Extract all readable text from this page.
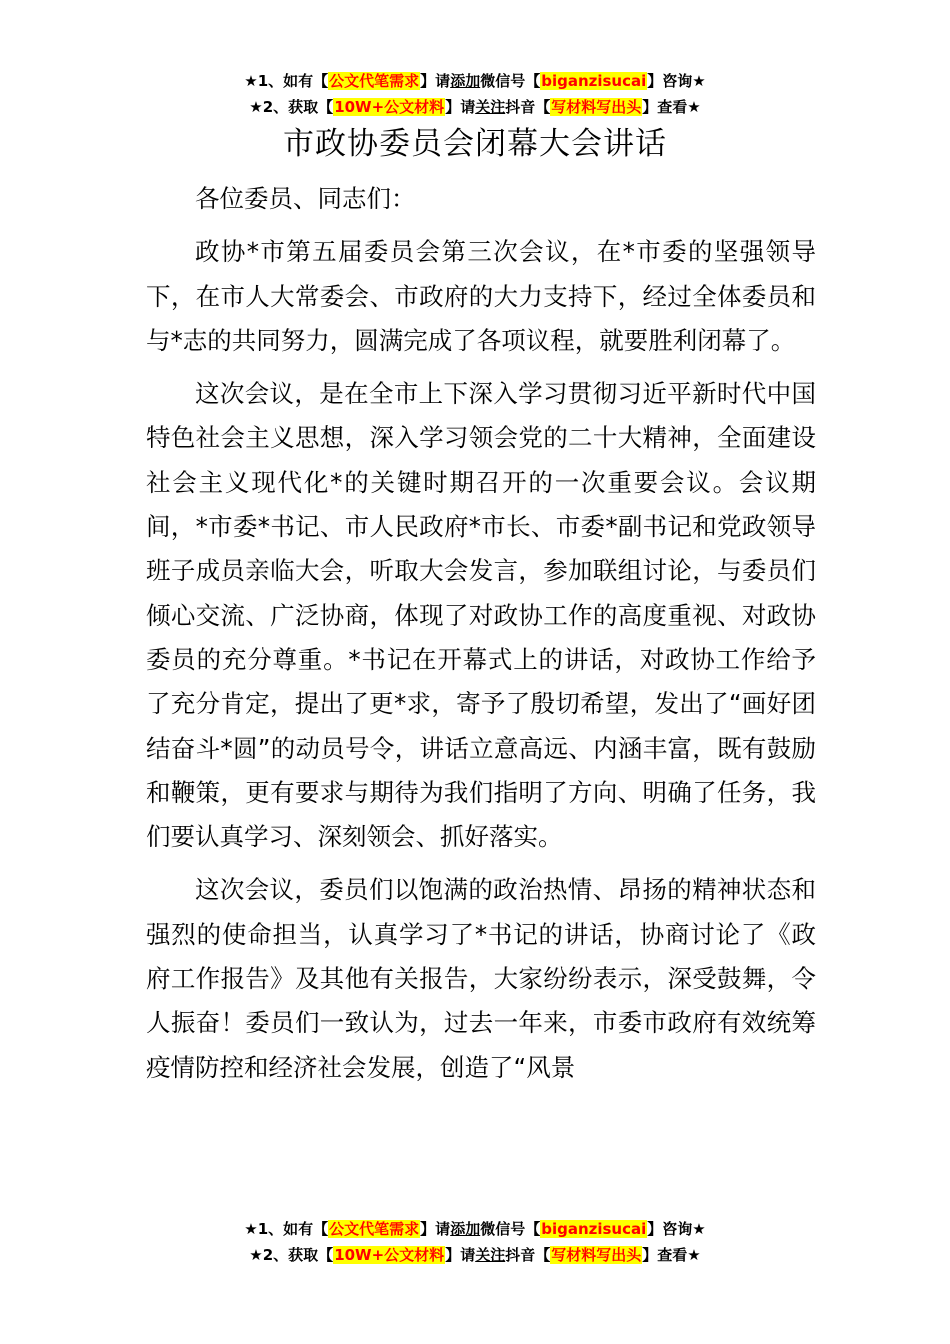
★1、如有【公文代笔需求】请添加微信号【biganzisucai】咨询★
★2、获取【10W+公文材料】请关注抖音【写材料写出头】查看★
市政协委员会闭幕大会讲话

各位委员、同志们：

政协*市第五届委员会第三次会议，在*市委的坚强领导下，在市人大常委会、市政府的大力支持下，经过全体委员和与*志的共同努力，圆满完成了各项议程，就要胜利闭幕了。

这次会议，是在全市上下深入学习贯彻习近平新时代中国特色社会主义思想，深入学习领会党的二十大精神，全面建设社会主义现代化*的关键时期召开的一次重要会议。会议期间，*市委*书记、市人民政府*市长、市委*副书记和党政领导班子成员亲临大会，听取大会发言，参加联组讨论，与委员们倾心交流、广泛协商，体现了对政协工作的高度重视、对政协委员的充分尊重。*书记在开幕式上的讲话，对政协工作给予了充分肯定，提出了更*求，寄予了殷切希望，发出了“画好团结奋斗*圆”的动员号令，讲话立意高远、内涵丰富，既有鼓励和鞭策，更有要求与期待为我们指明了方向、明确了任务，我们要认真学习、深刻领会、抓好落实。

这次会议，委员们以饱满的政治热情、昂扬的精神状态和强烈的使命担当，认真学习了*书记的讲话，协商讨论了《政府工作报告》及其他有关报告，大家纷纷表示，深受鼓舞，令人振奋！委员们一致认为，过去一年来，市委市政府有效统筹疫情防控和经济社会发展，创造了“风景

★1、如有【公文代笔需求】请添加微信号【biganzisucai】咨询★
★2、获取【10W+公文材料】请关注抖音【写材料写出头】查看★
